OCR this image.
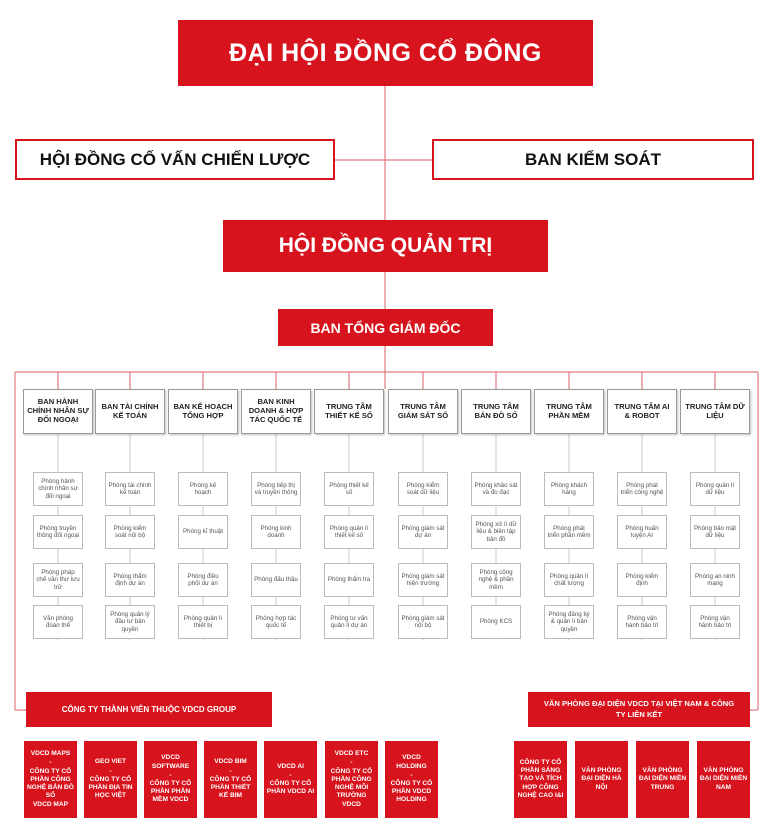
ĐẠI HỘI ĐỒNG CỔ ĐÔNG
HỘI ĐỒNG CỐ VẤN CHIẾN LƯỢC	BAN KIỂM SOÁT
HỘI ĐỒNG QUẢN TRỊ
BAN TỔNG GIÁM ĐỐC
BAN HÀNH CHÍNH NHÂN SỰ ĐỐI NGOẠI
Phòng hành chính nhân sự đối ngoại
Phòng truyền thông đối ngoại
Phòng pháp chế văn thư lưu trữ
Văn phòng đoàn thể
BAN TÀI CHÍNH KẾ TOÁN
Phòng tài chính kế toán
Phòng kiểm soát nội bộ
Phòng thẩm định dự án
Phòng quản lý đầu tư bản quyền
BAN KẾ HOẠCH TỔNG HỢP
Phòng kế hoạch
Phòng kĩ thuật
Phòng điều phối dự án
Phòng quản lí thiết bị
BAN KINH DOANH & HỢP TÁC QUỐC TẾ
Phòng tiếp thị và truyền thông
Phòng kinh doanh
Phòng đấu thầu
Phòng hợp tác quốc tế
TRUNG TÂM THIẾT KẾ SỐ
Phòng thiết kế số
Phòng quản lí thiết kế số
Phòng thẩm tra
Phòng tư vấn quản lí dự án
TRUNG TÂM GIÁM SÁT SỐ
Phòng kiểm soát dữ liệu
Phòng giám sát dự án
Phòng giám sát hiện trường
Phòng giám sát nội bộ
TRUNG TÂM BẢN ĐỒ SỐ
Phòng khảo sát và đo đạc
Phòng xử lí dữ liệu & biên tập bản đồ
Phòng công nghệ & phần mềm
Phòng KCS
TRUNG TÂM PHẦN MỀM
Phòng khách hàng
Phòng phát triển phần mềm
Phòng quản lí chất lượng
Phòng đăng ký & quản lí bản quyền
TRUNG TÂM AI & ROBOT
Phòng phát triển công nghệ
Phòng huấn luyện AI
Phòng kiểm định
Phòng vận hành bảo trì
TRUNG TÂM DỮ LIỆU
Phòng quản lí dữ liệu
Phòng bảo mật dữ liệu
Phòng an ninh mạng
Phòng vận hành bảo trì
CÔNG TY THÀNH VIÊN THUỘC VDCD GROUP
VĂN PHÒNG ĐẠI DIỆN VDCD TẠI VIỆT NAM & CÔNG TY LIÊN KẾT
VDCD MAPS
-
CÔNG TY CỔ PHẦN CÔNG NGHỆ BẢN ĐỒ SỐ
VDCD MAP
GEO VIET
-
CÔNG TY CỔ PHẦN ĐỊA TIN HỌC VIỆT
VDCD SOFTWARE
-
CÔNG TY CỔ PHẦN PHẦN MỀM VDCD
VDCD BIM
-
CÔNG TY CỔ PHẦN THIẾT KẾ BIM
VDCD AI
-
CÔNG TY CỔ PHẦN VDCD AI
VDCD ETC
-
CÔNG TY CỔ PHẦN CÔNG NGHỆ MÔI TRƯỜNG VDCD
VDCD HOLDING
-
CÔNG TY CỔ PHẦN VDCD HOLDING
CÔNG TY CỔ PHẦN SÁNG TẠO VÀ TÍCH HỢP CÔNG NGHỆ CAO I&I
VĂN PHÒNG ĐẠI DIỆN HÀ NỘI
VĂN PHÒNG ĐẠI DIỆN MIỀN TRUNG
VĂN PHÒNG ĐẠI DIỆN MIỀN NAM
